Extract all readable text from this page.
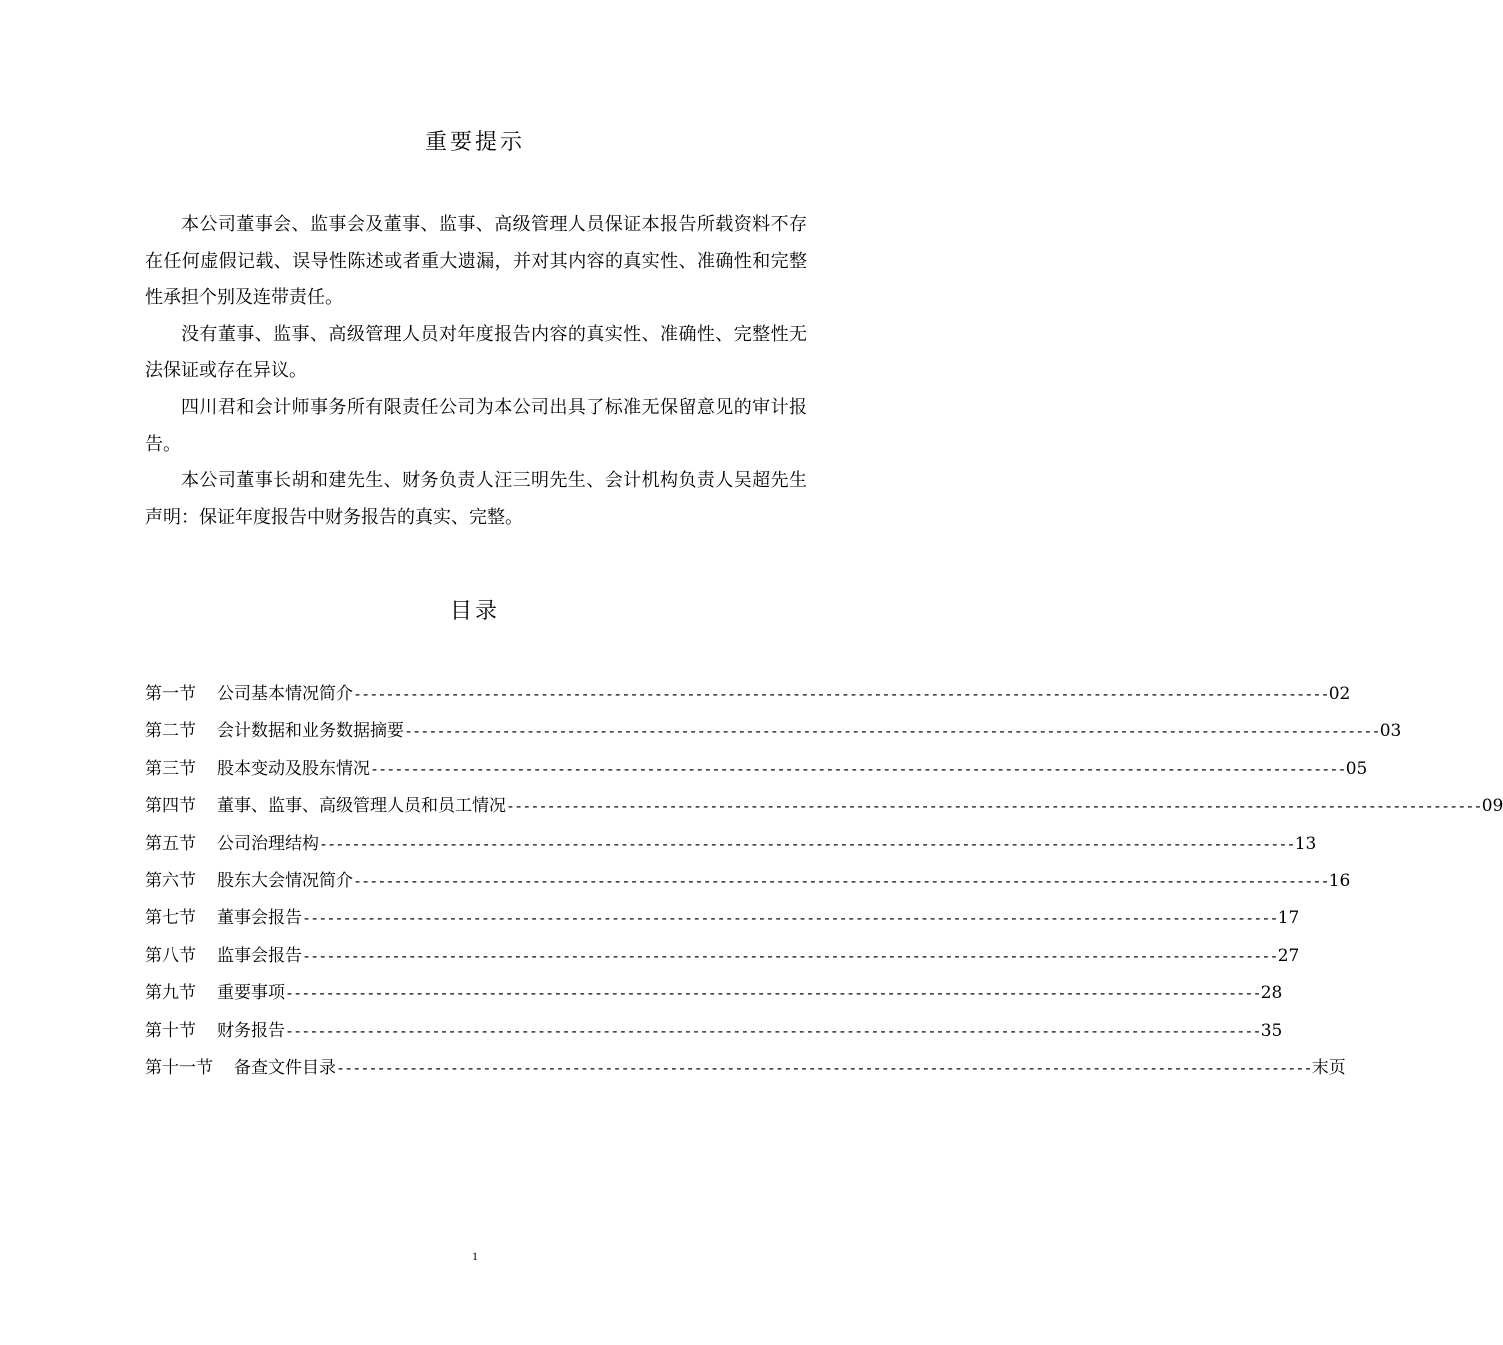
重要提示

本公司董事会、监事会及董事、监事、高级管理人员保证本报告所载资料不存在任何虚假记载、误导性陈述或者重大遗漏，并对其内容的真实性、准确性和完整性承担个别及连带责任。

没有董事、监事、高级管理人员对年度报告内容的真实性、准确性、完整性无法保证或存在异议。

四川君和会计师事务所有限责任公司为本公司出具了标准无保留意见的审计报告。

本公司董事长胡和建先生、财务负责人汪三明先生、会计机构负责人吴超先生声明：保证年度报告中财务报告的真实、完整。

目录
第一节 公司基本情况简介 ------------------------------------------------------------------------------------------------------------------------ 02
第二节 会计数据和业务数据摘要 ------------------------------------------------------------------------------------------------------------------------ 03
第三节 股本变动及股东情况 ------------------------------------------------------------------------------------------------------------------------ 05
第四节 董事、监事、高级管理人员和员工情况 ------------------------------------------------------------------------------------------------------------------------ 09
第五节 公司治理结构 ------------------------------------------------------------------------------------------------------------------------ 13
第六节 股东大会情况简介 ------------------------------------------------------------------------------------------------------------------------ 16
第七节 董事会报告 ------------------------------------------------------------------------------------------------------------------------ 17
第八节 监事会报告 ------------------------------------------------------------------------------------------------------------------------ 27
第九节 重要事项 ------------------------------------------------------------------------------------------------------------------------ 28
第十节 财务报告 ------------------------------------------------------------------------------------------------------------------------ 35
第十一节 备查文件目录 ------------------------------------------------------------------------------------------------------------------------ 末页
1
